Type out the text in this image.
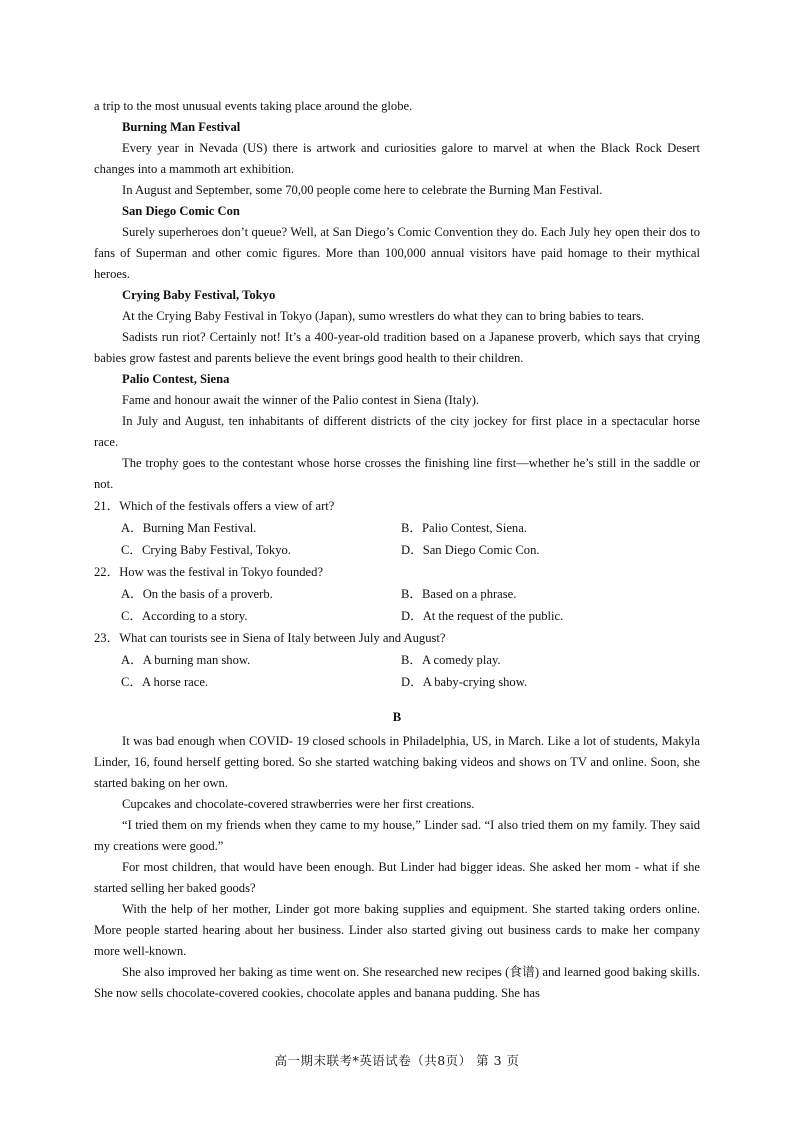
a trip to the most unusual events taking place around the globe.

Burning Man Festival

Every year in Nevada (US) there is artwork and curiosities galore to marvel at when the Black Rock Desert changes into a mammoth art exhibition.

In August and September, some 70,00 people come here to celebrate the Burning Man Festival.

San Diego Comic Con

Surely superheroes don’t queue? Well, at San Diego’s Comic Convention they do. Each July hey open their dos to fans of Superman and other comic figures. More than 100,000 annual visitors have paid homage to their mythical heroes.

Crying Baby Festival, Tokyo

At the Crying Baby Festival in Tokyo (Japan), sumo wrestlers do what they can to bring babies to tears.

Sadists run riot? Certainly not! It’s a 400-year-old tradition based on a Japanese proverb, which says that crying babies grow fastest and parents believe the event brings good health to their children.

Palio Contest, Siena

Fame and honour await the winner of the Palio contest in Siena (Italy).

In July and August, ten inhabitants of different districts of the city jockey for first place in a spectacular horse race.

The trophy goes to the contestant whose horse crosses the finishing line first—whether he’s still in the saddle or not.

21．Which of the festivals offers a view of art?

A．Burning Man Festival.	B．Palio Contest, Siena.
C．Crying Baby Festival, Tokyo.	D．San Diego Comic Con.

22．How was the festival in Tokyo founded?

A．On the basis of a proverb.	B．Based on a phrase.
C．According to a story.	D．At the request of the public.

23．What can tourists see in Siena of Italy between July and August?

A．A burning man show.	B．A comedy play.
C．A horse race.	D．A baby-crying show.

B

It was bad enough when COVID- 19 closed schools in Philadelphia, US, in March. Like a lot of students, Makyla Linder, 16, found herself getting bored. So she started watching baking videos and shows on TV and online. Soon, she started baking on her own.

Cupcakes and chocolate-covered strawberries were her first creations.

“I tried them on my friends when they came to my house,” Linder sad. “I also tried them on my family. They said my creations were good.”

For most children, that would have been enough. But Linder had bigger ideas. She asked her mom - what if she started selling her baked goods?

With the help of her mother, Linder got more baking supplies and equipment. She started taking orders online. More people started hearing about her business. Linder also started giving out business cards to make her company more well-known.

She also improved her baking as time went on. She researched new recipes (食谱) and learned good baking skills. She now sells chocolate-covered cookies, chocolate apples and banana pudding. She has

高一期末联考*英语试卷（共8页） 第 3 页
